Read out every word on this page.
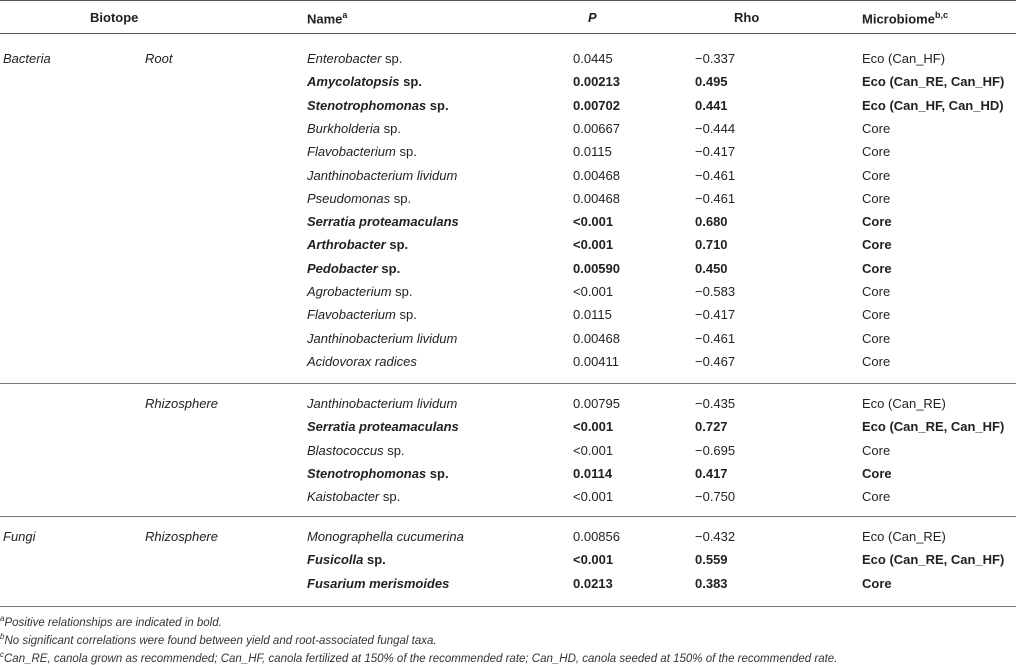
Biotope	Name$^a$	P	Rho	Microbiome$^{b,c}$
Bacteria	Root	Enterobacter sp.	0.0445	−0.337	Eco (Can_HF)
Amycolatopsis sp.	0.00213	0.495	Eco (Can_RE, Can_HF)
Stenotrophomonas sp.	0.00702	0.441	Eco (Can_HF, Can_HD)
Burkholderia sp.	0.00667	−0.444	Core
Flavobacterium sp.	0.0115	−0.417	Core
Janthinobacterium lividum	0.00468	−0.461	Core
Pseudomonas sp.	0.00468	−0.461	Core
Serratia proteamaculans	<0.001	0.680	Core
Arthrobacter sp.	<0.001	0.710	Core
Pedobacter sp.	0.00590	0.450	Core
Agrobacterium sp.	<0.001	−0.583	Core
Flavobacterium sp.	0.0115	−0.417	Core
Janthinobacterium lividum	0.00468	−0.461	Core
Acidovorax radices	0.00411	−0.467	Core
Rhizosphere	Janthinobacterium lividum	0.00795	−0.435	Eco (Can_RE)
Serratia proteamaculans	<0.001	0.727	Eco (Can_RE, Can_HF)
Blastococcus sp.	<0.001	−0.695	Core
Stenotrophomonas sp.	0.0114	0.417	Core
Kaistobacter sp.	<0.001	−0.750	Core
Fungi	Rhizosphere	Monographella cucumerina	0.00856	−0.432	Eco (Can_RE)
Fusicolla sp.	<0.001	0.559	Eco (Can_RE, Can_HF)
Fusarium merismoides	0.0213	0.383	Core
$^a$Positive relationships are indicated in bold.
$^b$No significant correlations were found between yield and root-associated fungal taxa.
$^c$Can_RE, canola grown as recommended; Can_HF, canola fertilized at 150% of the recommended rate; Can_HD, canola seeded at 150% of the recommended rate.
